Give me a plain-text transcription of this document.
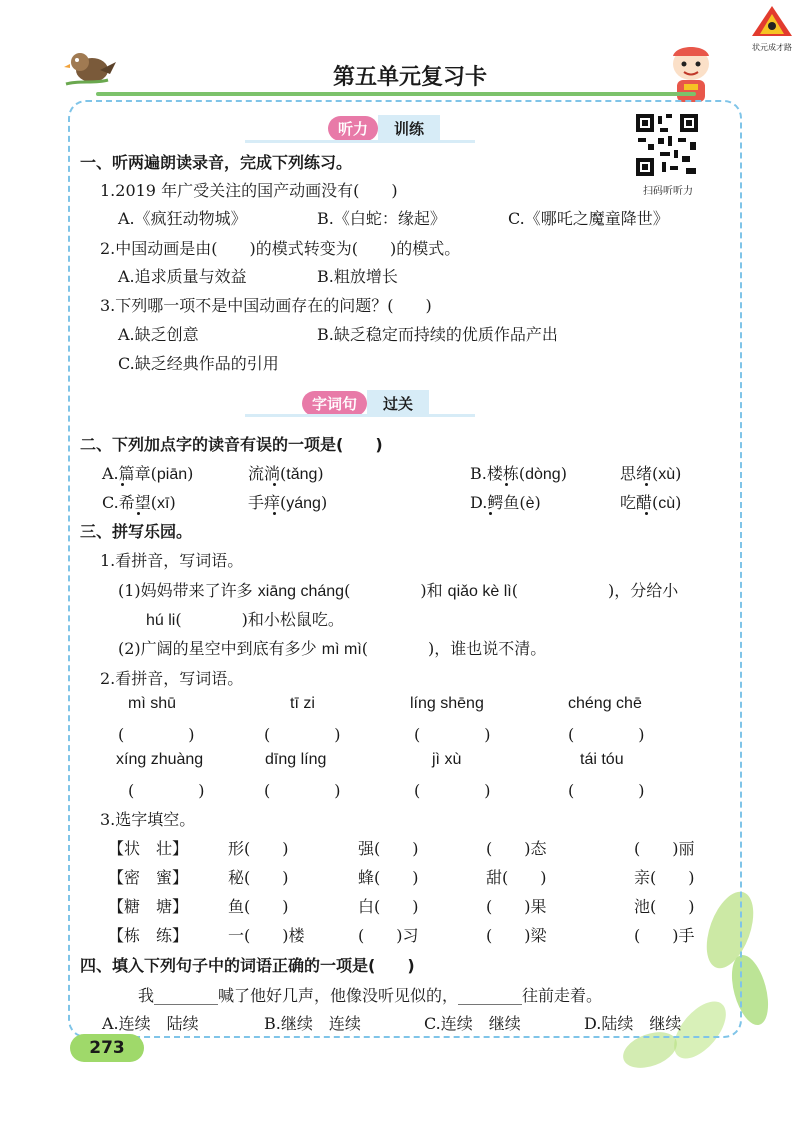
状元成才路
第五单元复习卡
扫码听听力
听力 训练
一、听两遍朗读录音，完成下列练习。
1.2019 年广受关注的国产动画没有(　　)
A.《疯狂动物城》	B.《白蛇：缘起》	C.《哪吒之魔童降世》
2.中国动画是由(　　)的模式转变为(　　)的模式。
A.追求质量与效益	B.粗放增长
3.下列哪一项不是中国动画存在的问题？(　　)
A.缺乏创意	B.缺乏稳定而持续的优质作品产出
C.缺乏经典作品的引用
字词句 过关
二、下列加点字的读音有误的一项是(　　)
A.篇章(piān)	流淌(tǎng)	B.楼栋(dòng)	思绪(xù)
C.希望(xī)	手痒(yáng)	D.鳄鱼(è)	吃醋(cù)
三、拼写乐园。
1.看拼音，写词语。
(1)妈妈带来了许多 xiāng cháng(	)和 qiǎo kè lì(	)，分给小
hú li(	)和小松鼠吃。
(2)广阔的星空中到底有多少 mì mì(	)，谁也说不清。
2.看拼音，写词语。
mì shū	tī zi	líng shēng	chéng chē
(　　　　)	(　　　　)	(　　　　)	(　　　　)
xíng zhuàng	dīng líng	jì xù	tái tóu
(　　　　)	(　　　　)	(　　　　)	(　　　　)
3.选字填空。
【状　壮】 形(　　)	强(　　)	(　　)态	(　　)丽
【密　蜜】 秘(　　)	蜂(　　)	甜(　　)	亲(　　)
【糖　塘】 鱼(　　)	白(　　)	(　　)果	池(　　)
【栋　练】 一(　　)楼	(　　)习	(　　)梁	(　　)手
四、填入下列句子中的词语正确的一项是(　　)
我________喊了他好几声，他像没听见似的，________往前走着。
A.连续　陆续	B.继续　连续	C.连续　继续	D.陆续　继续
273
